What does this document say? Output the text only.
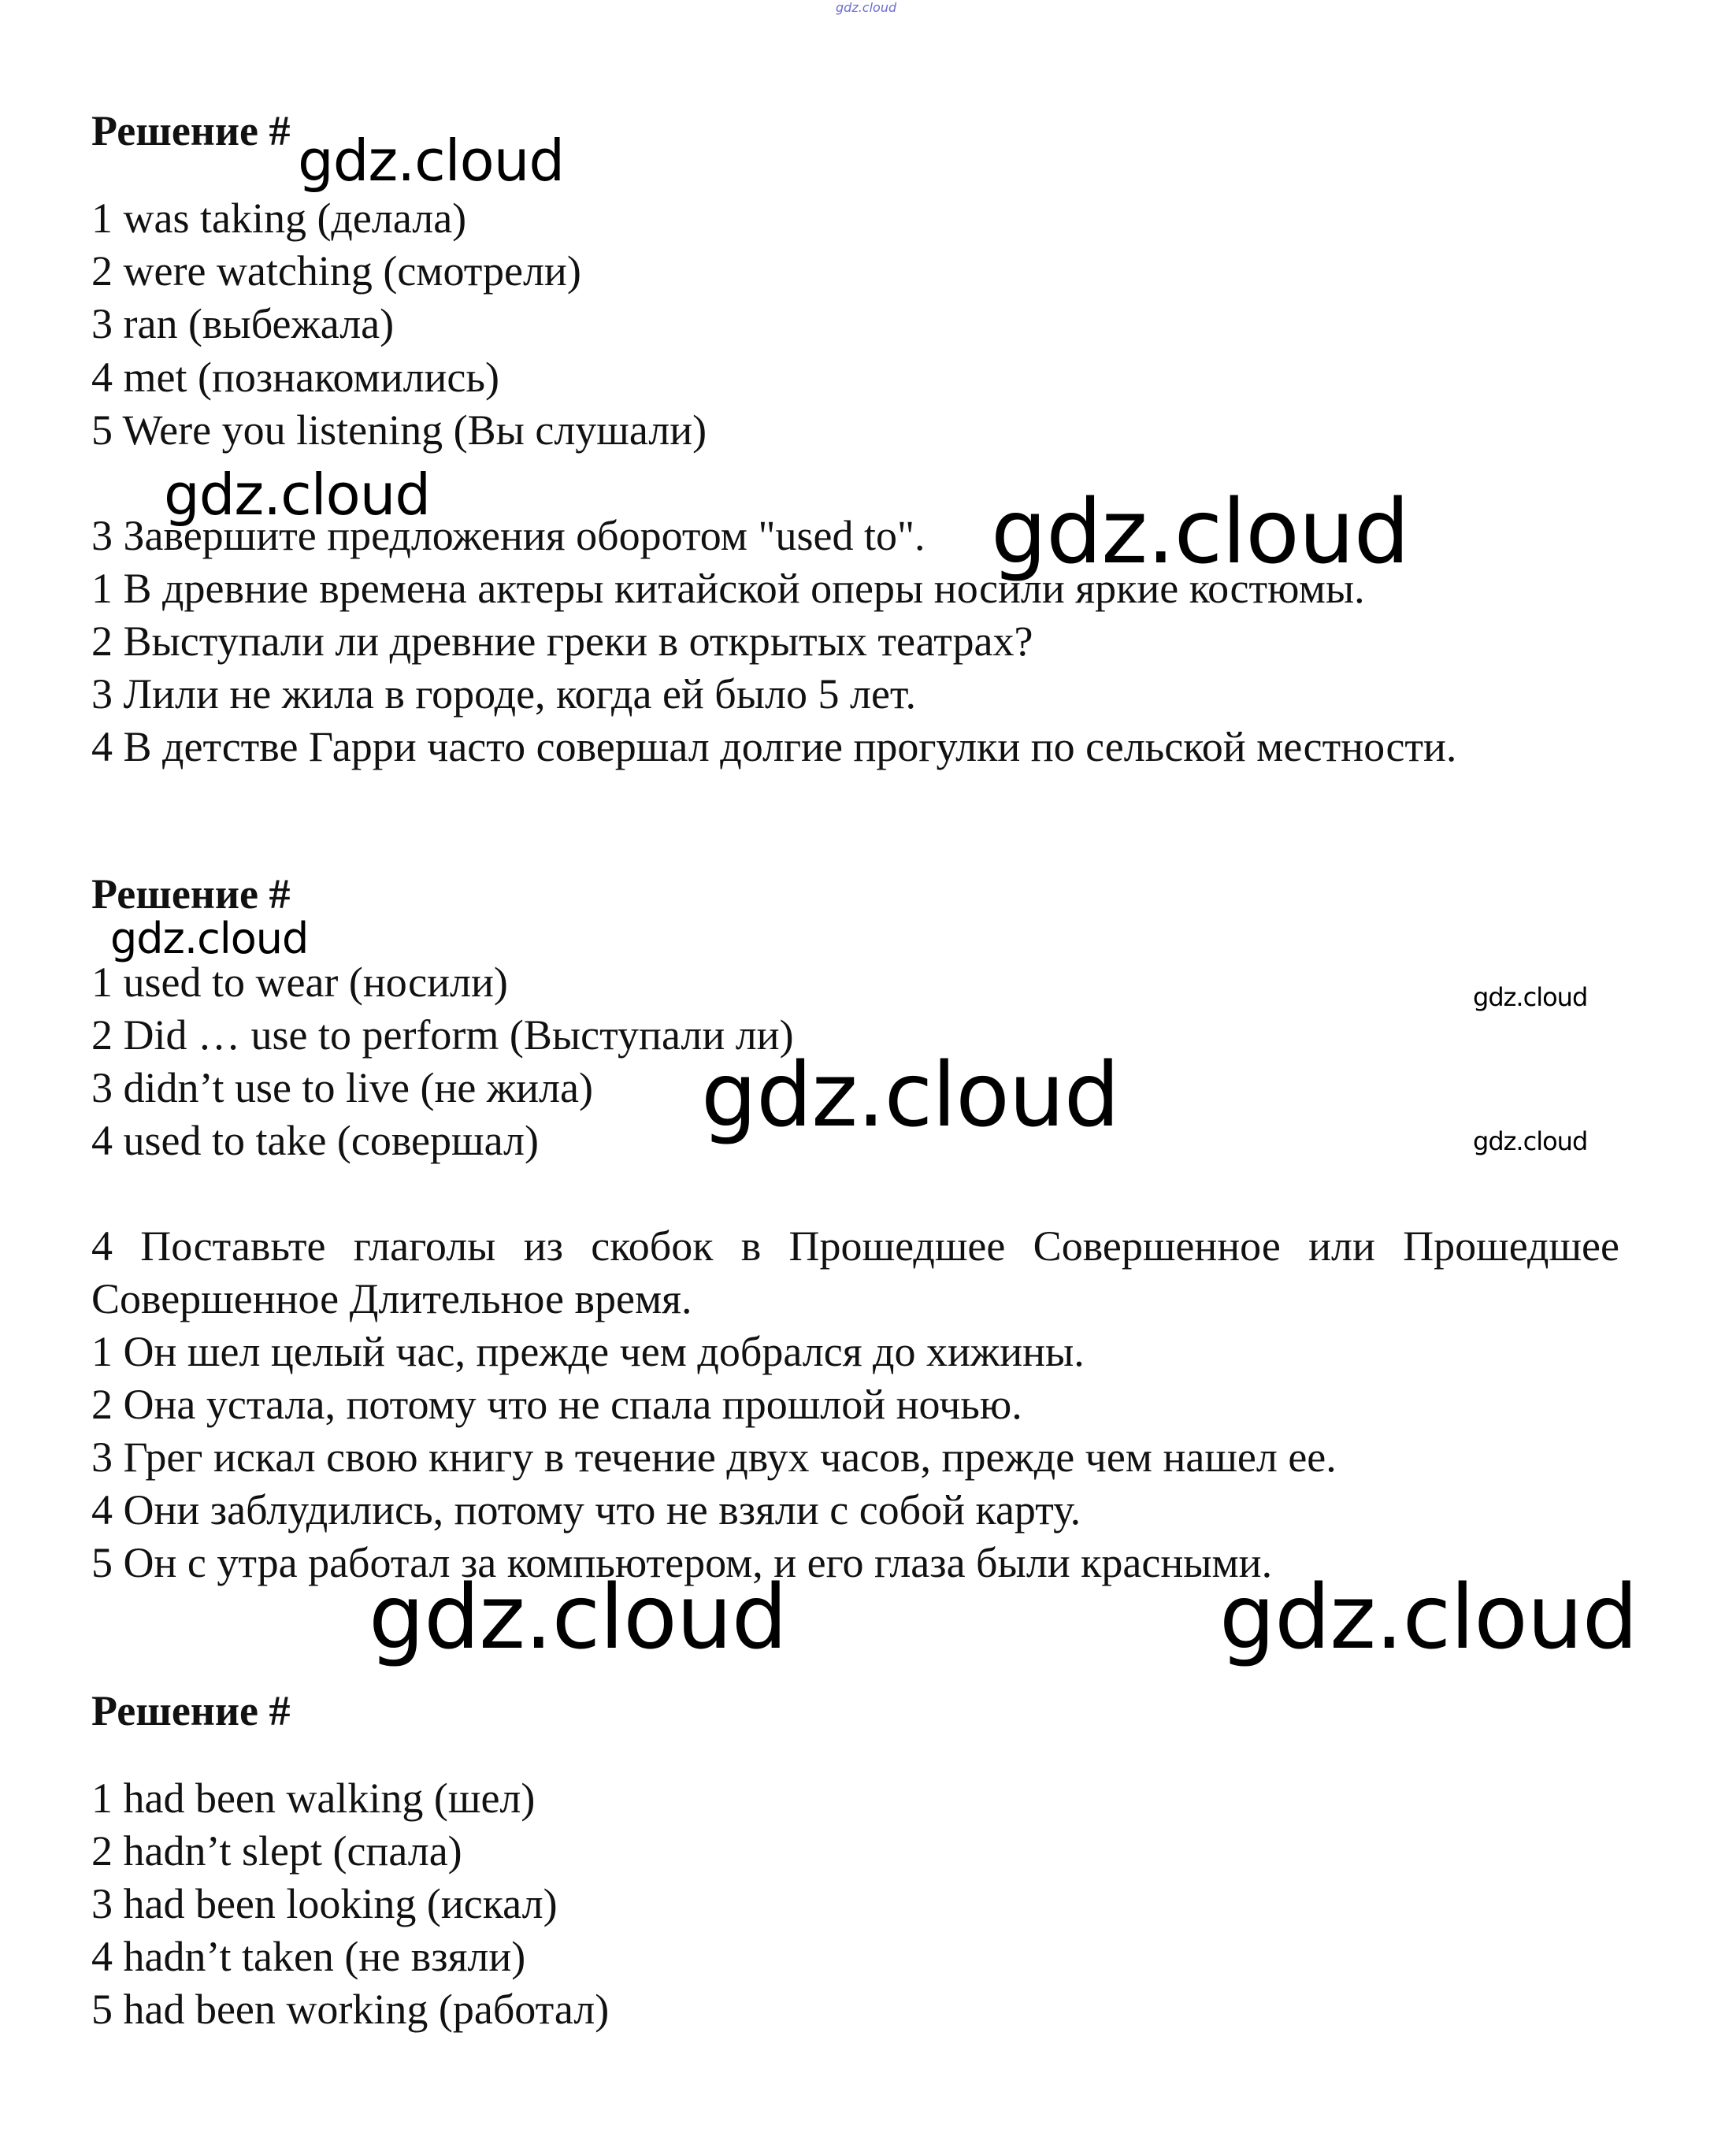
gdz.cloud

Решение #

1 was taking (делала)

2 were watching (смотрели)

3 ran (выбежала)

4 met (познакомились)

5 Were you listening (Вы слушали)

3 Завершите предложения оборотом "used to".

1 В древние времена актеры китайской оперы носили яркие костюмы.

2 Выступали ли древние греки в открытых театрах?

3 Лили не жила в городе, когда ей было 5 лет.

4 В детстве Гарри часто совершал долгие прогулки по сельской местности.

Решение #

1 used to wear (носили)

2 Did … use to perform (Выступали ли)

3 didn’t use to live (не жила)

4 used to take (совершал)

4 Поставьте глаголы из скобок в Прошедшее Совершенное или Прошедшее

Совершенное Длительное время.

1 Он шел целый час, прежде чем добрался до хижины.

2 Она устала, потому что не спала прошлой ночью.

3 Грег искал свою книгу в течение двух часов, прежде чем нашел ее.

4 Они заблудились, потому что не взяли с собой карту.

5 Он с утра работал за компьютером, и его глаза были красными.

Решение #

1 had been walking (шел)

2 hadn’t slept (спала)

3 had been looking (искал)

4 hadn’t taken (не взяли)

5 had been working (работал)

gdz.cloud

gdz.cloud	gdz.cloud

gdz.cloud

gdz.cloud

gdz.cloud	gdz.cloud

gdz.cloud	gdz.cloud
